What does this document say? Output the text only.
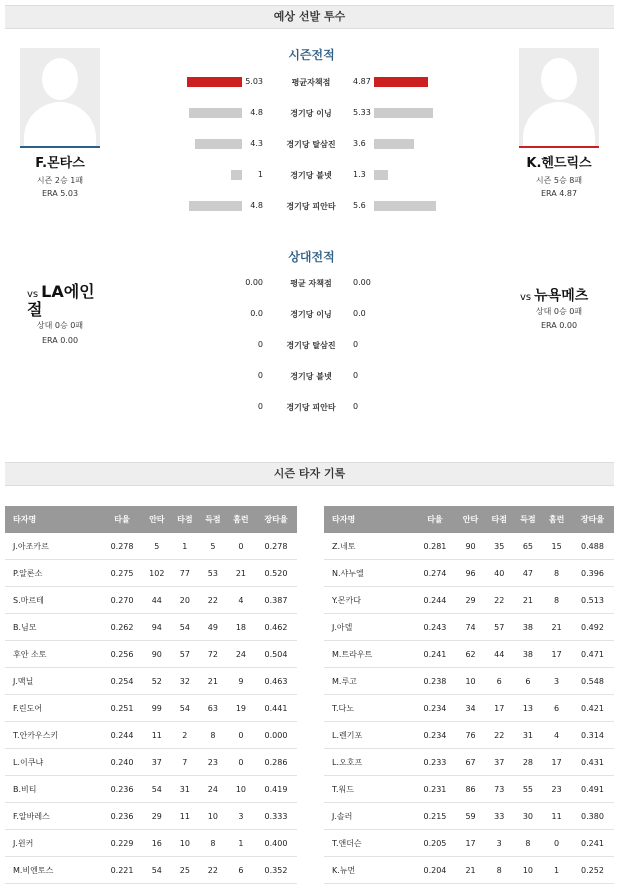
예상 선발 투수
시즌전적
F.몬타스
시즌 2승 1패
ERA 5.03
K.헨드릭스
시즌 5승 8패
ERA 4.87
5.03	4.87
평균자책점
4.8	5.33
경기당 이닝
4.3	3.6
경기당 탈삼진
1	1.3
경기당 볼넷
4.8	5.6
경기당 피안타
상대전적
vs LA에인절
상대 0승 0패
ERA 0.00
vs 뉴욕메츠
상대 0승 0패
ERA 0.00
0.00	0.00
평균 자책점
0.0	0.0
경기당 이닝
0	0
경기당 탈삼진
0	0
경기당 볼넷
0	0
경기당 피안타
시즌 타자 기록
타자명	타율	안타	타점	득점	홈런	장타율
J.아조카르	0.278	5	1	5	0	0.278
P.알론소	0.275	102	77	53	21	0.520
S.마르테	0.270	44	20	22	4	0.387
B.님모	0.262	94	54	49	18	0.462
후안 소토	0.256	90	57	72	24	0.504
J.맥닐	0.254	52	32	21	9	0.463
F.린도어	0.251	99	54	63	19	0.441
T.안카우스키	0.244	11	2	8	0	0.000
L.이쿠냐	0.240	37	7	23	0	0.286
B.비티	0.236	54	31	24	10	0.419
F.알바레스	0.236	29	11	10	3	0.333
J.윈커	0.229	16	10	8	1	0.400
M.비엔토스	0.221	54	25	22	6	0.352
타자명	타율	안타	타점	득점	홈런	장타율
Z.네토	0.281	90	35	65	15	0.488
N.샤누엘	0.274	96	40	47	8	0.396
Y.몬카다	0.244	29	22	21	8	0.513
J.아델	0.243	74	57	38	21	0.492
M.트라우트	0.241	62	44	38	17	0.471
M.루고	0.238	10	6	6	3	0.548
T.다노	0.234	34	17	13	6	0.421
L.렌기포	0.234	76	22	31	4	0.314
L.오호프	0.233	67	37	28	17	0.431
T.워드	0.231	86	73	55	23	0.491
J.솔러	0.215	59	33	30	11	0.380
T.앤더슨	0.205	17	3	8	0	0.241
K.뉴먼	0.204	21	8	10	1	0.252
